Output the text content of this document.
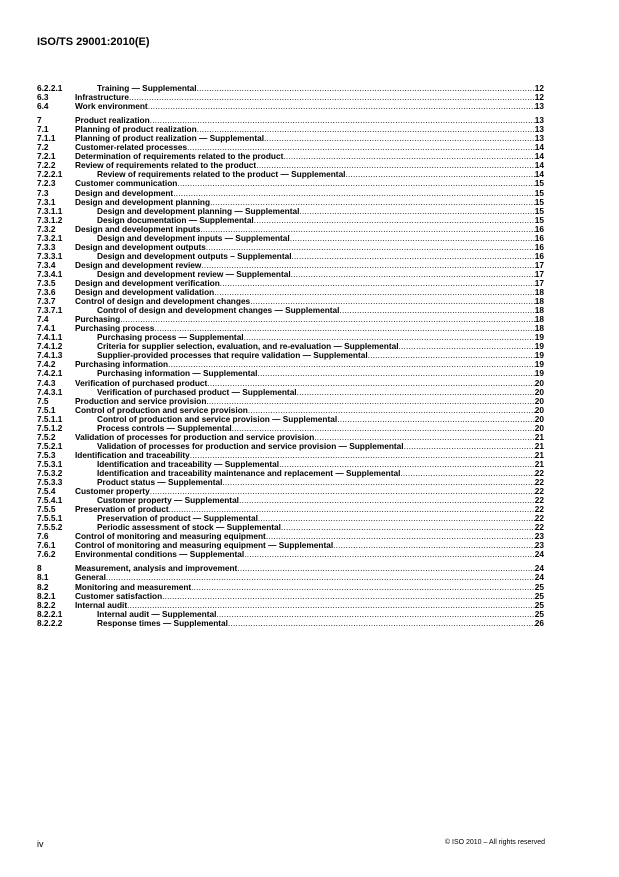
ISO/TS 29001:2010(E)
6.2.2.1	Training — Supplemental .....	12
6.3	Infrastructure .....	12
6.4	Work environment .....	13
7	Product realization .....	13
7.1	Planning of product realization .....	13
7.1.1	Planning of product realization — Supplemental .....	13
7.2	Customer-related processes .....	14
7.2.1	Determination of requirements related to the product .....	14
7.2.2	Review of requirements related to the product .....	14
7.2.2.1	Review of requirements related to the product — Supplemental .....	14
7.2.3	Customer communication .....	15
7.3	Design and development .....	15
7.3.1	Design and development planning .....	15
7.3.1.1	Design and development planning — Supplemental .....	15
7.3.1.2	Design documentation — Supplemental .....	15
7.3.2	Design and development inputs .....	16
7.3.2.1	Design and development inputs — Supplemental .....	16
7.3.3	Design and development outputs .....	16
7.3.3.1	Design and development outputs – Supplemental .....	16
7.3.4	Design and development review .....	17
7.3.4.1	Design and development review — Supplemental .....	17
7.3.5	Design and development verification .....	17
7.3.6	Design and development validation .....	18
7.3.7	Control of design and development changes .....	18
7.3.7.1	Control of design and development changes — Supplemental .....	18
7.4	Purchasing .....	18
7.4.1	Purchasing process .....	18
7.4.1.1	Purchasing process — Supplemental .....	19
7.4.1.2	Criteria for supplier selection, evaluation, and re-evaluation — Supplemental .....	19
7.4.1.3	Supplier-provided processes that require validation — Supplemental .....	19
7.4.2	Purchasing information .....	19
7.4.2.1	Purchasing information — Supplemental .....	19
7.4.3	Verification of purchased product .....	20
7.4.3.1	Verification of purchased product — Supplemental .....	20
7.5	Production and service provision .....	20
7.5.1	Control of production and service provision .....	20
7.5.1.1	Control of production and service provision — Supplemental .....	20
7.5.1.2	Process controls — Supplemental .....	20
7.5.2	Validation of processes for production and service provision .....	21
7.5.2.1	Validation of processes for production and service provision — Supplemental .....	21
7.5.3	Identification and traceability .....	21
7.5.3.1	Identification and traceability — Supplemental .....	21
7.5.3.2	Identification and traceability maintenance and replacement — Supplemental .....	22
7.5.3.3	Product status — Supplemental .....	22
7.5.4	Customer property .....	22
7.5.4.1	Customer property — Supplemental .....	22
7.5.5	Preservation of product .....	22
7.5.5.1	Preservation of product — Supplemental .....	22
7.5.5.2	Periodic assessment of stock — Supplemental .....	22
7.6	Control of monitoring and measuring equipment .....	23
7.6.1	Control of monitoring and measuring equipment — Supplemental .....	23
7.6.2	Environmental conditions — Supplemental .....	24
8	Measurement, analysis and improvement .....	24
8.1	General .....	24
8.2	Monitoring and measurement .....	25
8.2.1	Customer satisfaction .....	25
8.2.2	Internal audit .....	25
8.2.2.1	Internal audit — Supplemental .....	25
8.2.2.2	Response times — Supplemental .....	26
iv	© ISO 2010 – All rights reserved
